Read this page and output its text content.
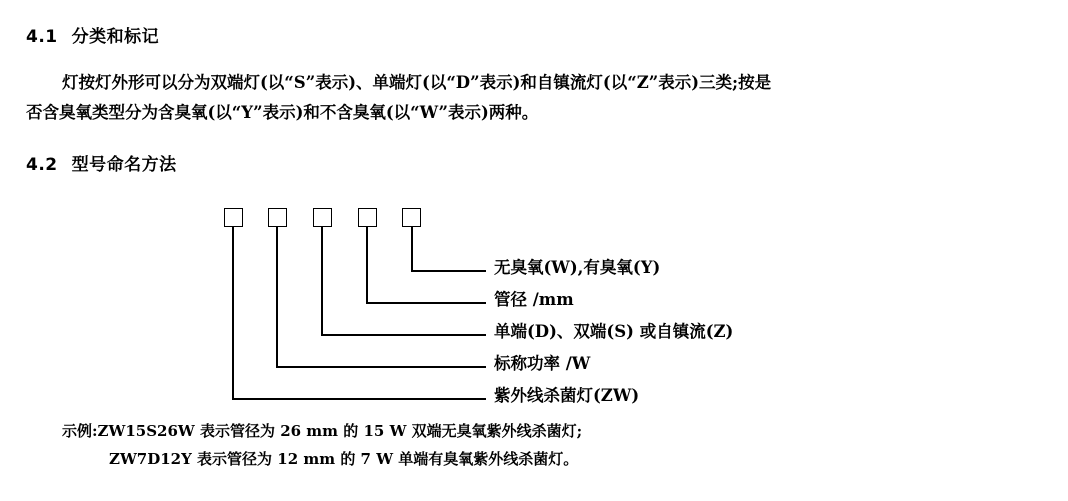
4.1 分类和标记
灯按灯外形可以分为双端灯(以“S”表示)、单端灯(以“D”表示)和自镇流灯(以“Z”表示)三类;按是
否含臭氧类型分为含臭氧(以“Y”表示)和不含臭氧(以“W”表示)两种。
4.2 型号命名方法
无臭氧(W),有臭氧(Y)
管径 /mm
单端(D)、双端(S) 或自镇流(Z)
标称功率 /W
紫外线杀菌灯(ZW)
示例:ZW15S26W 表示管径为 26 mm 的 15 W 双端无臭氧紫外线杀菌灯;
ZW7D12Y 表示管径为 12 mm 的 7 W 单端有臭氧紫外线杀菌灯。
